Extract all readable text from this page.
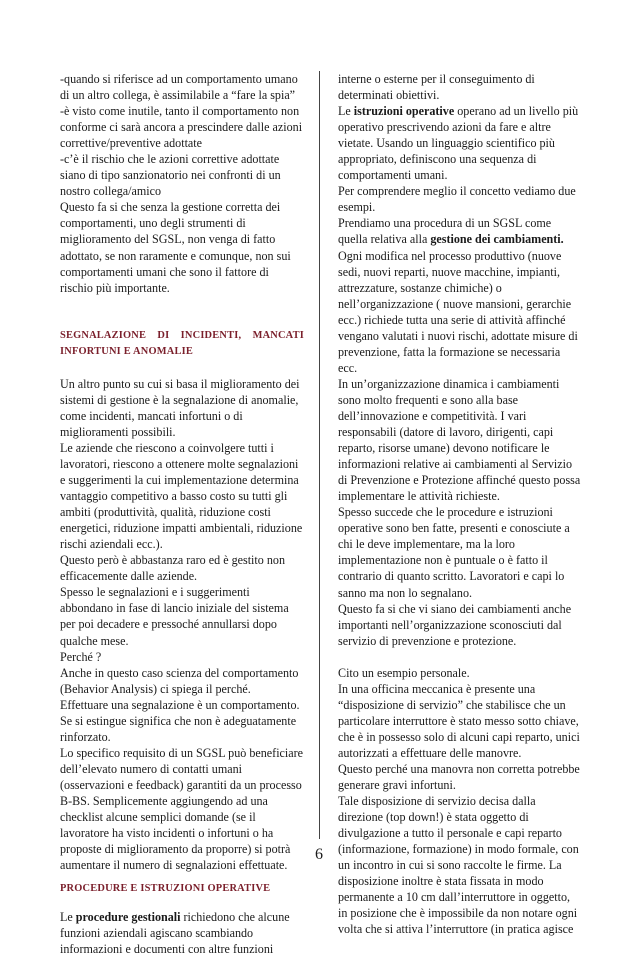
-quando si riferisce ad un comportamento umano

di un altro collega, è assimilabile a “fare la spia”

-è visto come inutile, tanto il comportamento non

conforme ci sarà ancora a prescindere dalle azioni

correttive/preventive adottate

-c’è il rischio che le azioni correttive adottate

siano di tipo sanzionatorio nei confronti di un

nostro collega/amico

Questo fa si che senza la gestione corretta dei

comportamenti, uno degli strumenti di

miglioramento del SGSL, non venga di fatto

adottato, se non raramente e comunque, non sui

comportamenti umani che sono il fattore di

rischio più importante.

SEGNALAZIONE DI INCIDENTI, MANCATI
INFORTUNI E ANOMALIE

Un altro punto su cui si basa il miglioramento dei

sistemi di gestione è la segnalazione di anomalie,

come incidenti, mancati infortuni o di

miglioramenti possibili.

Le aziende che riescono a coinvolgere tutti i

lavoratori, riescono a ottenere molte segnalazioni

e suggerimenti la cui implementazione determina

vantaggio competitivo a basso costo su tutti gli

ambiti (produttività, qualità, riduzione costi

energetici, riduzione impatti ambientali, riduzione

rischi aziendali ecc.).

Questo però è abbastanza raro ed è gestito non

efficacemente dalle aziende.

Spesso le segnalazioni e i suggerimenti

abbondano in fase di lancio iniziale del sistema

per poi decadere e pressoché annullarsi dopo

qualche mese.

Perché ?

Anche in questo caso scienza del comportamento

(Behavior Analysis) ci spiega il perché.

Effettuare una segnalazione è un comportamento.

Se si estingue significa che non è adeguatamente

rinforzato.

Lo specifico requisito di un SGSL può beneficiare

dell’elevato numero di contatti umani

(osservazioni e feedback) garantiti da un processo

B-BS. Semplicemente aggiungendo ad una

checklist alcune semplici domande (se il

lavoratore ha visto incidenti o infortuni o ha

proposte di miglioramento da proporre) si potrà

aumentare il numero di segnalazioni effettuate.

PROCEDURE E ISTRUZIONI OPERATIVE

Le procedure gestionali richiedono che alcune

funzioni aziendali agiscano scambiando

informazioni e documenti con altre funzioni

interne o esterne per il conseguimento di

determinati obiettivi.

Le istruzioni operative operano ad un livello più

operativo prescrivendo azioni da fare e altre

vietate. Usando un linguaggio scientifico più

appropriato, definiscono una sequenza di

comportamenti umani.

Per comprendere meglio il concetto vediamo due

esempi.

Prendiamo una procedura di un SGSL come

quella relativa alla gestione dei cambiamenti.

Ogni modifica nel processo produttivo (nuove

sedi, nuovi reparti, nuove macchine, impianti,

attrezzature, sostanze chimiche) o

nell’organizzazione ( nuove mansioni, gerarchie

ecc.) richiede tutta una serie di attività affinché

vengano valutati i nuovi rischi, adottate misure di

prevenzione, fatta la formazione se necessaria

ecc.

In un’organizzazione dinamica i cambiamenti

sono molto frequenti e sono alla base

dell’innovazione e competitività. I vari

responsabili (datore di lavoro, dirigenti, capi

reparto, risorse umane) devono notificare le

informazioni relative ai cambiamenti al Servizio

di Prevenzione e Protezione affinché questo possa

implementare le attività richieste.

Spesso succede che le procedure e istruzioni

operative sono ben fatte, presenti e conosciute a

chi le deve implementare, ma la loro

implementazione non è puntuale o è fatto il

contrario di quanto scritto. Lavoratori e capi lo

sanno ma non lo segnalano.

Questo fa si che vi siano dei cambiamenti anche

importanti nell’organizzazione sconosciuti dal

servizio di prevenzione e protezione.

Cito un esempio personale.

In una officina meccanica è presente una

“disposizione di servizio” che stabilisce che un

particolare interruttore è stato messo sotto chiave,

che è in possesso solo di alcuni capi reparto, unici

autorizzati a effettuare delle manovre.

Questo perché una manovra non corretta potrebbe

generare gravi infortuni.

Tale disposizione di servizio decisa dalla

direzione (top down!) è stata oggetto di

divulgazione a tutto il personale e capi reparto

(informazione, formazione) in modo formale, con

un incontro in cui si sono raccolte le firme. La

disposizione inoltre è stata fissata in modo

permanente a 10 cm dall’interruttore in oggetto,

in posizione che è impossibile da non notare ogni

volta che si attiva l’interruttore (in pratica agisce

6
